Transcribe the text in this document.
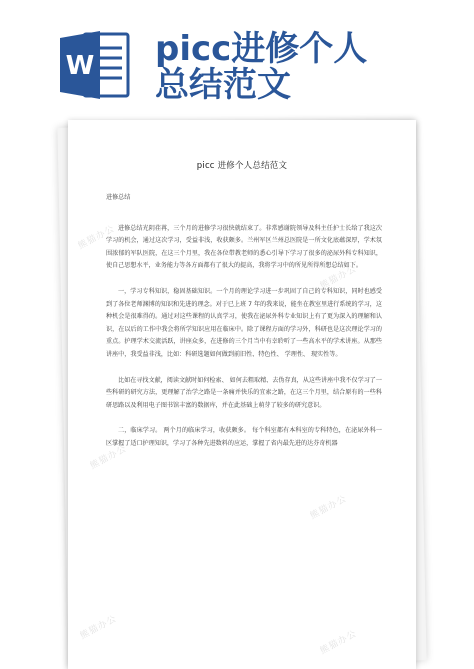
W picc进修个人
总结范文
picc 进修个人总结范文

进修总结

进修总结光阴荏苒，三个月的进修学习很快就结束了。非常感谢院领导及科主任护士长给了我这次学习的机会，通过这次学习，受益非浅，收获颇多。兰州军区兰州总医院是一所文化底蕴深厚，学术氛围浓郁的军队医院，在这三个月里，我在各位带教老师的悉心引导下学习了很多的泌尿外科专科知识，使自己思想水平，业务能力等各方面都有了很大的提高，我将学习中的所见所得所想总结如下。

一，学习专科知识，稳固基础知识。一个月的理论学习进一步巩固了自己的专科知识，同时也感受到了各位老师渊博的知识和先进的理念。对于已上班 7 年的我来说，能坐在教室里进行系统的学习，这种机会是很难得的。通过对这些课程的认真学习，使我在泌尿外科专业知识上有了更为深入的理解和认识，在以后的工作中我会将所学知识应用在临床中。除了课程方面的学习外，科研也是这次理论学习的重点。护理学术交流活跃，讲座众多，在进修的三个月当中有幸聆听了一些高水平的学术讲座。从那些讲座中，我受益非浅，比如：科研选题如何做到前旧性、特色性、 学理性、 现实性等。

比如在寻找文献，阅读文献时如何检索、 如何去粗取精、去伪存真，从这些讲座中我不仅学习了一些科研的研究方法，更理解了治学之路是一条痛并快乐的宜索之路，在这三个月里，结合原有的一些科研思路以及利用电子图书馆丰富的数据库，并在此基础上萌芽了较多的研究意识。

二，临床学习。 两个月的临床学习，收获颇多。 每个科室都有本科室的专科特色，在泌尿外科一区掌握了适口护理知识，学习了各种先进数料的应运，掌握了省内最先进的达芬奇机器

熊猫办公
熊猫办公
熊猫办公
熊猫办公
熊猫办公
熊猫办公
